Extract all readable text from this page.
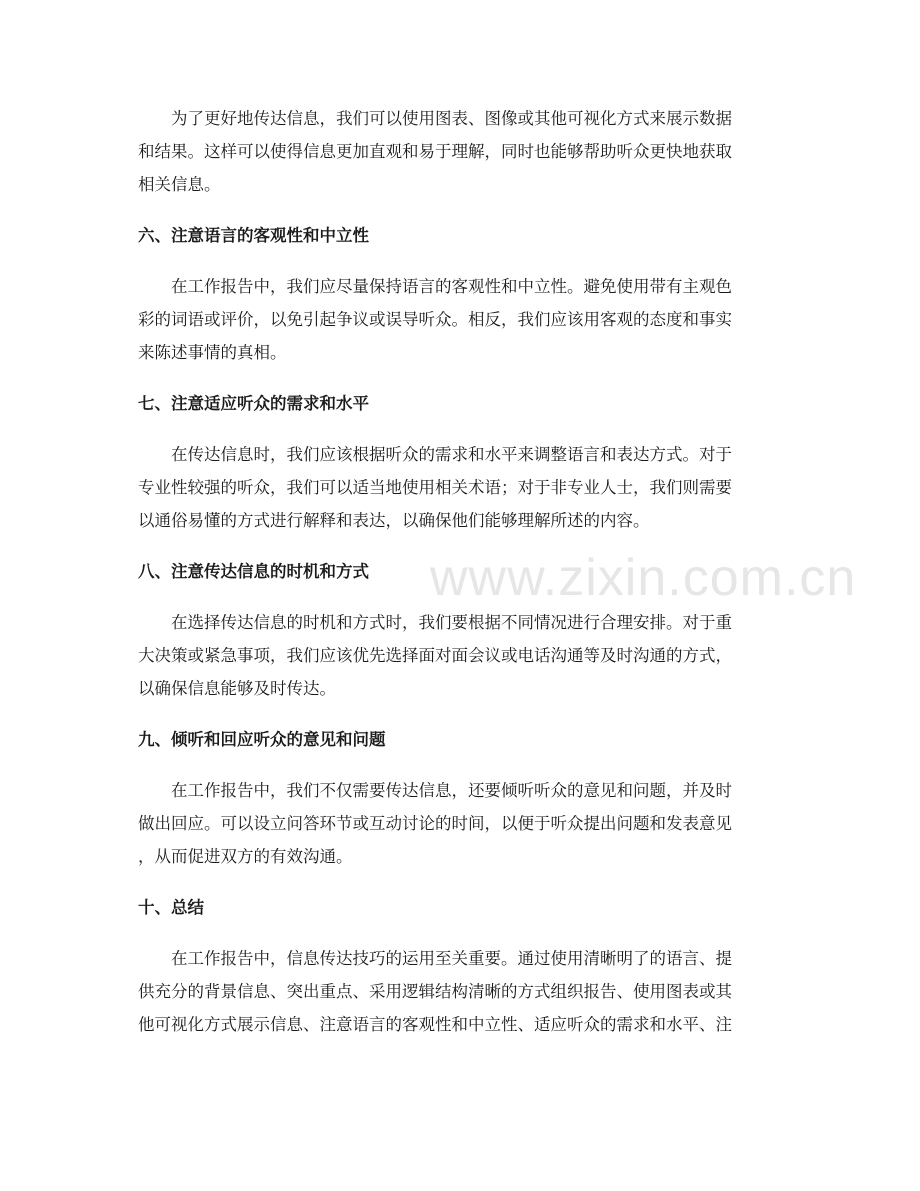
为了更好地传达信息，我们可以使用图表、图像或其他可视化方式来展示数据
和结果。这样可以使得信息更加直观和易于理解，同时也能够帮助听众更快地获取
相关信息。
六、注意语言的客观性和中立性
在工作报告中，我们应尽量保持语言的客观性和中立性。避免使用带有主观色
彩的词语或评价，以免引起争议或误导听众。相反，我们应该用客观的态度和事实
来陈述事情的真相。
七、注意适应听众的需求和水平
在传达信息时，我们应该根据听众的需求和水平来调整语言和表达方式。对于
专业性较强的听众，我们可以适当地使用相关术语；对于非专业人士，我们则需要
以通俗易懂的方式进行解释和表达，以确保他们能够理解所述的内容。
八、注意传达信息的时机和方式
在选择传达信息的时机和方式时，我们要根据不同情况进行合理安排。对于重
大决策或紧急事项，我们应该优先选择面对面会议或电话沟通等及时沟通的方式，
以确保信息能够及时传达。
九、倾听和回应听众的意见和问题
在工作报告中，我们不仅需要传达信息，还要倾听听众的意见和问题，并及时
做出回应。可以设立问答环节或互动讨论的时间，以便于听众提出问题和发表意见
，从而促进双方的有效沟通。
十、总结
在工作报告中，信息传达技巧的运用至关重要。通过使用清晰明了的语言、提
供充分的背景信息、突出重点、采用逻辑结构清晰的方式组织报告、使用图表或其
他可视化方式展示信息、注意语言的客观性和中立性、适应听众的需求和水平、注
www.zixin.com.cn
